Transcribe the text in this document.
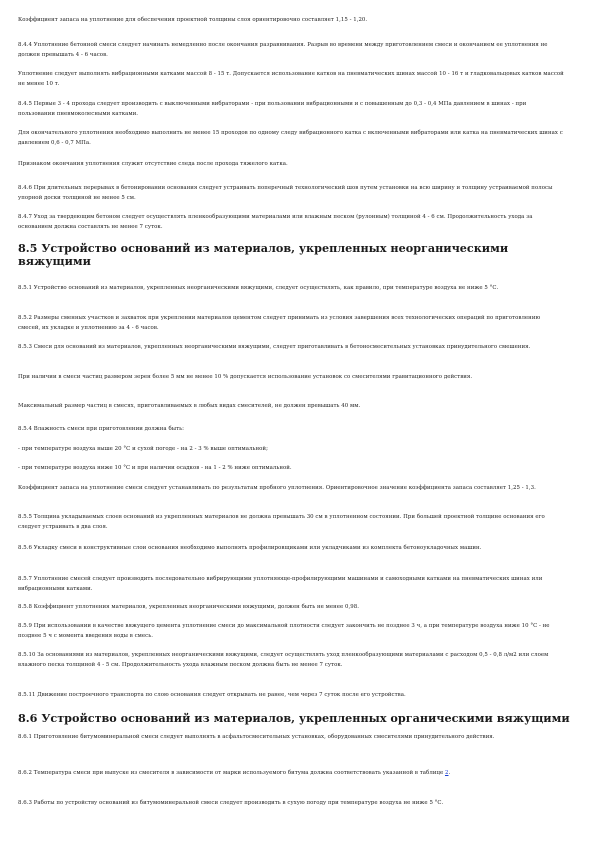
Коэффициент запаса на уплотнение для обеспечения проектной толщины слоя ориентировочно составляет 1,15 - 1,20.

8.4.4 Уплотнение бетонной смеси следует начинать немедленно после окончания разравнивания. Разрыв во времени между приготовлением смеси и окончанием ее уплотнения не должен превышать 4 - 6 часов.

Уплотнение следует выполнять вибрационными катками массой 8 - 15 т. Допускается использование катков на пневматических шинах массой 10 - 16 т и гладковальцовых катков массой не менее 10 т.

8.4.5 Первые 3 - 4 прохода следует производить с выключенными вибраторами - при пользовании вибрационными и с повышенным до 0,3 - 0,4 МПа давлением в шинах - при пользовании пневмоколесными катками.

Для окончательного уплотнения необходимо выполнить не менее 15 проходов по одному следу вибрационного катка с включенными вибраторами или катка на пневматических шинах с давлением 0,6 - 0,7 МПа.

Признаком окончания уплотнения служит отсутствие следа после прохода тяжелого катка.

8.4.6 При длительных перерывах в бетонировании основания следует устраивать поперечный технологический шов путем установки на всю ширину и толщину устраиваемой полосы упорной доски толщиной не менее 5 см.

8.4.7 Уход за твердеющим бетоном следует осуществлять пленкообразующими материалами или влажным песком (рулонным) толщиной 4 - 6 см. Продолжительность ухода за основанием должна составлять не менее 7 суток.

8.5 Устройство оснований из материалов, укрепленных неорганическими вяжущими

8.5.1 Устройство оснований из материалов, укрепленных неорганическими вяжущими, следует осуществлять, как правило, при температуре воздуха не ниже 5 °С.

8.5.2 Размеры сменных участков и захваток при укреплении материалов цементом следует принимать из условия завершения всех технологических операций по приготовлению смесей, их укладке и уплотнению за 4 - 6 часов.

8.5.3 Смеси для оснований из материалов, укрепленных неорганическими вяжущими, следует приготавливать в бетоносмесительных установках принудительного смешения.

При наличии в смеси частиц размером зерен более 5 мм не менее 10 % допускается использование установок со смесителями гравитационного действия.

Максимальный размер частиц в смесях, приготавливаемых в любых видах смесителей, не должен превышать 40 мм.

8.5.4 Влажность смеси при приготовлении должна быть:

- при температуре воздуха выше 20 °С и сухой погоде - на 2 - 3 % выше оптимальной;

- при температуре воздуха ниже 10 °С и при наличии осадков - на 1 - 2 % ниже оптимальной.

Коэффициент запаса на уплотнение смеси следует устанавливать по результатам пробного уплотнения. Ориентировочное значение коэффициента запаса составляет 1,25 - 1,3.

8.5.5 Толщина укладываемых слоев оснований из укрепленных материалов не должна превышать 30 см в уплотненном состоянии. При большей проектной толщине основания его следует устраивать в два слоя.

8.5.6 Укладку смеси в конструктивные слои основания необходимо выполнять профилировщиками или укладчиками из комплекта бетоноукладочных машин.

8.5.7 Уплотнение смесей следует производить последовательно вибрирующими уплотняюще-профилирующими машинами и самоходными катками на пневматических шинах или вибрационными катками.

8.5.8 Коэффициент уплотнения материалов, укрепленных неорганическими вяжущими, должен быть не менее 0,98.

8.5.9 При использовании в качестве вяжущего цемента уплотнение смеси до максимальной плотности следует закончить не позднее 3 ч, а при температуре воздуха ниже 10 °С - не позднее 5 ч с момента введения воды в смесь.

8.5.10 За основаниями из материалов, укрепленных неорганическими вяжущими, следует осуществлять уход пленкообразующими материалами с расходом 0,5 - 0,8 л/м2 или слоем влажного песка толщиной 4 - 5 см. Продолжительность ухода влажным песком должна быть не менее 7 суток.

8.5.11 Движение построечного транспорта по слою основания следует открывать не ранее, чем через 7 суток после его устройства.

8.6 Устройство оснований из материалов, укрепленных органическими вяжущими

8.6.1 Приготовление битумоминеральной смеси следует выполнять в асфальтосмесительных установках, оборудованных смесителями принудительного действия.

8.6.2 Температура смеси при выпуске из смесителя в зависимости от марки используемого битума должна соответствовать указанной в таблице 2.

8.6.3 Работы по устройству оснований из битумоминеральной смеси следует производить в сухую погоду при температуре воздуха не ниже 5 °С.
